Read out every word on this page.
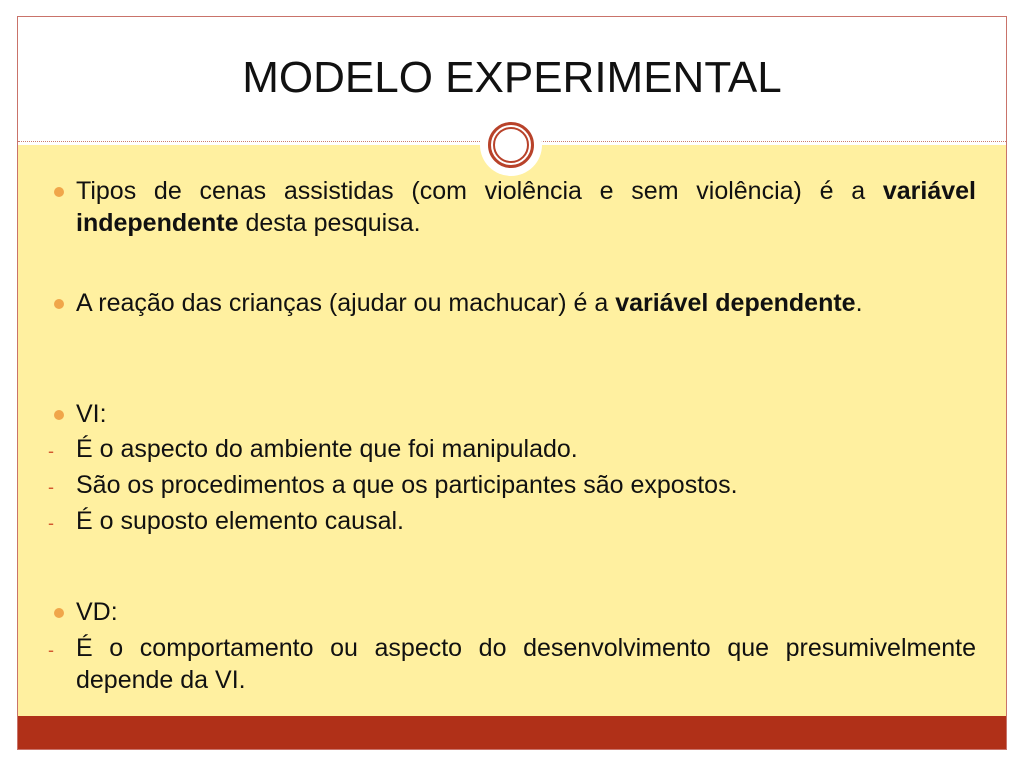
MODELO EXPERIMENTAL
Tipos de cenas assistidas (com violência e sem violência) é a variável independente desta pesquisa.
A reação das crianças (ajudar ou machucar) é a variável dependente.
VI:
- É o aspecto do ambiente que foi manipulado.
- São os procedimentos a que os participantes são expostos.
- É o suposto elemento causal.
VD:
- É o comportamento ou aspecto do desenvolvimento que presumivelmente depende da VI.
